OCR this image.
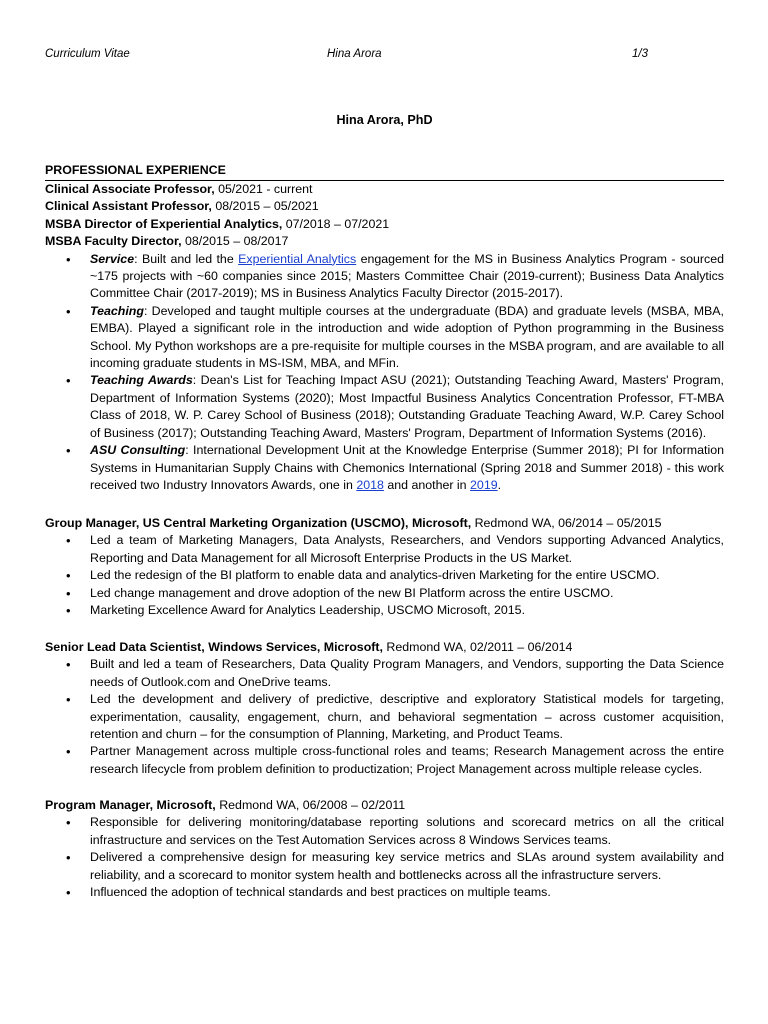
Curriculum Vitae	Hina Arora	1/3
Hina Arora, PhD
PROFESSIONAL EXPERIENCE
Clinical Associate Professor, 05/2021 - current
Clinical Assistant Professor, 08/2015 – 05/2021
MSBA Director of Experiential Analytics, 07/2018 – 07/2021
MSBA Faculty Director, 08/2015 – 08/2017
• Service: Built and led the Experiential Analytics engagement for the MS in Business Analytics Program - sourced ~175 projects with ~60 companies since 2015; Masters Committee Chair (2019-current); Business Data Analytics Committee Chair (2017-2019); MS in Business Analytics Faculty Director (2015-2017).
• Teaching: Developed and taught multiple courses at the undergraduate (BDA) and graduate levels (MSBA, MBA, EMBA). Played a significant role in the introduction and wide adoption of Python programming in the Business School. My Python workshops are a pre-requisite for multiple courses in the MSBA program, and are available to all incoming graduate students in MS-ISM, MBA, and MFin.
• Teaching Awards: Dean's List for Teaching Impact ASU (2021); Outstanding Teaching Award, Masters' Program, Department of Information Systems (2020); Most Impactful Business Analytics Concentration Professor, FT-MBA Class of 2018, W. P. Carey School of Business (2018); Outstanding Graduate Teaching Award, W.P. Carey School of Business (2017); Outstanding Teaching Award, Masters' Program, Department of Information Systems (2016).
• ASU Consulting: International Development Unit at the Knowledge Enterprise (Summer 2018); PI for Information Systems in Humanitarian Supply Chains with Chemonics International (Spring 2018 and Summer 2018) - this work received two Industry Innovators Awards, one in 2018 and another in 2019.
Group Manager, US Central Marketing Organization (USCMO), Microsoft, Redmond WA, 06/2014 – 05/2015
• Led a team of Marketing Managers, Data Analysts, Researchers, and Vendors supporting Advanced Analytics, Reporting and Data Management for all Microsoft Enterprise Products in the US Market.
• Led the redesign of the BI platform to enable data and analytics-driven Marketing for the entire USCMO.
• Led change management and drove adoption of the new BI Platform across the entire USCMO.
• Marketing Excellence Award for Analytics Leadership, USCMO Microsoft, 2015.
Senior Lead Data Scientist, Windows Services, Microsoft, Redmond WA, 02/2011 – 06/2014
• Built and led a team of Researchers, Data Quality Program Managers, and Vendors, supporting the Data Science needs of Outlook.com and OneDrive teams.
• Led the development and delivery of predictive, descriptive and exploratory Statistical models for targeting, experimentation, causality, engagement, churn, and behavioral segmentation – across customer acquisition, retention and churn – for the consumption of Planning, Marketing, and Product Teams.
• Partner Management across multiple cross-functional roles and teams; Research Management across the entire research lifecycle from problem definition to productization; Project Management across multiple release cycles.
Program Manager, Microsoft, Redmond WA, 06/2008 – 02/2011
• Responsible for delivering monitoring/database reporting solutions and scorecard metrics on all the critical infrastructure and services on the Test Automation Services across 8 Windows Services teams.
• Delivered a comprehensive design for measuring key service metrics and SLAs around system availability and reliability, and a scorecard to monitor system health and bottlenecks across all the infrastructure servers.
• Influenced the adoption of technical standards and best practices on multiple teams.
